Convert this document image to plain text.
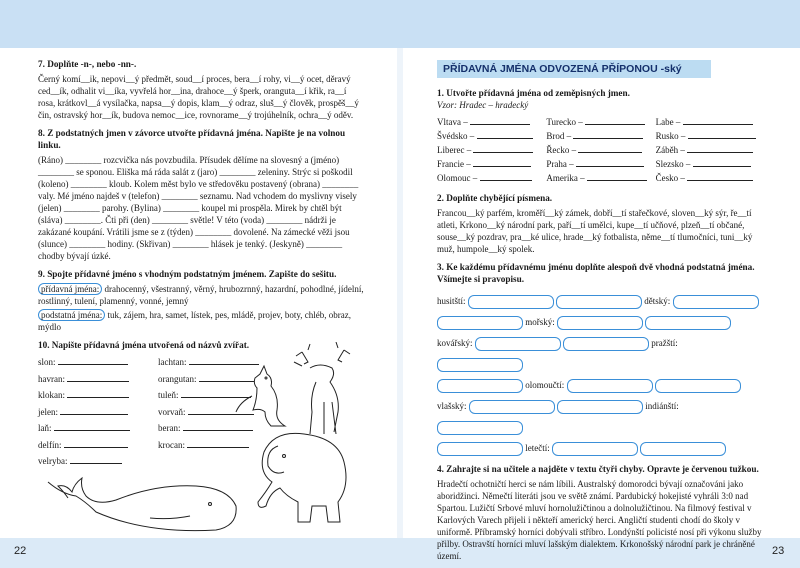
22	23

7. Doplňte -n-, nebo -nn-.

Černý komí__ik, nepovi__ý předmět, soud__í proces, bera__í rohy, vi__ý ocet, děravý ced__ík, odhalit vi__íka, vyvřelá hor__ina, drahoce__ý šperk, oranguta__í křik, ra__í rosa, krátkovl__á vysílačka, napsa__ý dopis, klam__ý odraz, sluš__ý člověk, prospěš__ý čin, ostravský hor__ík, budova nemoc__ice, rovnorame__ý trojúhelník, ochra__ý oděv.

8. Z podstatných jmen v závorce utvořte přídavná jména. Napište je na volnou linku.

(Ráno) ________ rozcvička nás povzbudila. Přísudek dělíme na slovesný a (jméno) ________ se sponou. Eliška má ráda salát z (jaro) ________ zeleniny. Strýc si poškodil (koleno) ________ kloub. Kolem měst bylo ve středověku postavený (obrana) ________ valy. Mé jméno najdeš v (telefon) ________ seznamu. Nad vchodem do myslivny visely (jelen) ________ parohy. (Bylina) ________ koupel mi prospěla. Mirek by chtěl být (sláva) ________. Čti při (den) ________ světle! V této (voda) ________ nádrži je zakázané koupání. Vrátili jsme se z (týden) ________ dovolené. Na zámecké věži jsou (slunce) ________ hodiny. (Skřivan) ________ hlásek je tenký. (Jeskyně) ________ chodby bývají úzké.

9. Spojte přídavné jméno s vhodným podstatným jménem. Zapište do sešitu.

přídavná jména: drahocenný, všestranný, věrný, hrubozrnný, hazardní, pohodlné, jídelní, rostlinný, tulení, plamenný, vonné, jemný

podstatná jména: tuk, zájem, hra, samet, lístek, pes, mládě, projev, boty, chléb, obraz, mýdlo

10. Napište přídavná jména utvořená od názvů zvířat.

slon:	lachtan:
havran:	orangutan:
klokan:	tuleň:
jelen:	vorvaň:
laň:	beran:
delfín:	krocan:
velryba:
PŘÍDAVNÁ JMÉNA ODVOZENÁ PŘÍPONOU -ský

1. Utvořte přídavná jména od zeměpisných jmen.

Vzor: Hradec – hradecký

Vltava –	Turecko –	Labe –
Švédsko –	Brod –	Rusko –
Liberec –	Řecko –	Záběh –
Francie –	Praha –	Slezsko –
Olomouc –	Amerika –	Česko –

2. Doplňte chybějící písmena.

Francou__ký parfém, kroměří__ký zámek, dobří__tí stařečkové, sloven__ký sýr, ře__tí atleti, Krkono__ký národní park, paří__tí umělci, kupe__tí učňové, plzeň__tí občané, souse__ký pozdrav, pra__ké ulice, hrade__ký fotbalista, něme__tí tlumočníci, tuni__ký muž, humpole__ký spolek.

3. Ke každému přídavnému jménu doplňte alespoň dvě vhodná podstatná jména. Všímejte si pravopisu.

husitští:	dětský:
mořský:
kovářský:	pražští:
olomoučtí:
vlašský:	indiánští:
letečtí:

4. Zahrajte si na učitele a najděte v textu čtyři chyby. Opravte je červenou tužkou.

Hradečtí ochotničtí herci se nám líbili. Australský domorodci bývají označováni jako aboridžinci. Němečtí literáti jsou ve světě známí. Pardubický hokejisté vyhráli 3:0 nad Spartou. Lužičtí Srbové mluví hornolužičtinou a dolnolužičtinou. Na filmový festival v Karlových Varech přijeli i někteří americký herci. Angličtí studenti chodí do školy v uniformě. Příbramský horníci dobývali stříbro. Londýnští policisté nosí při výkonu služby přilby. Ostravští horníci mluví lašským dialektem. Krkonošský národní park je chráněné území.
